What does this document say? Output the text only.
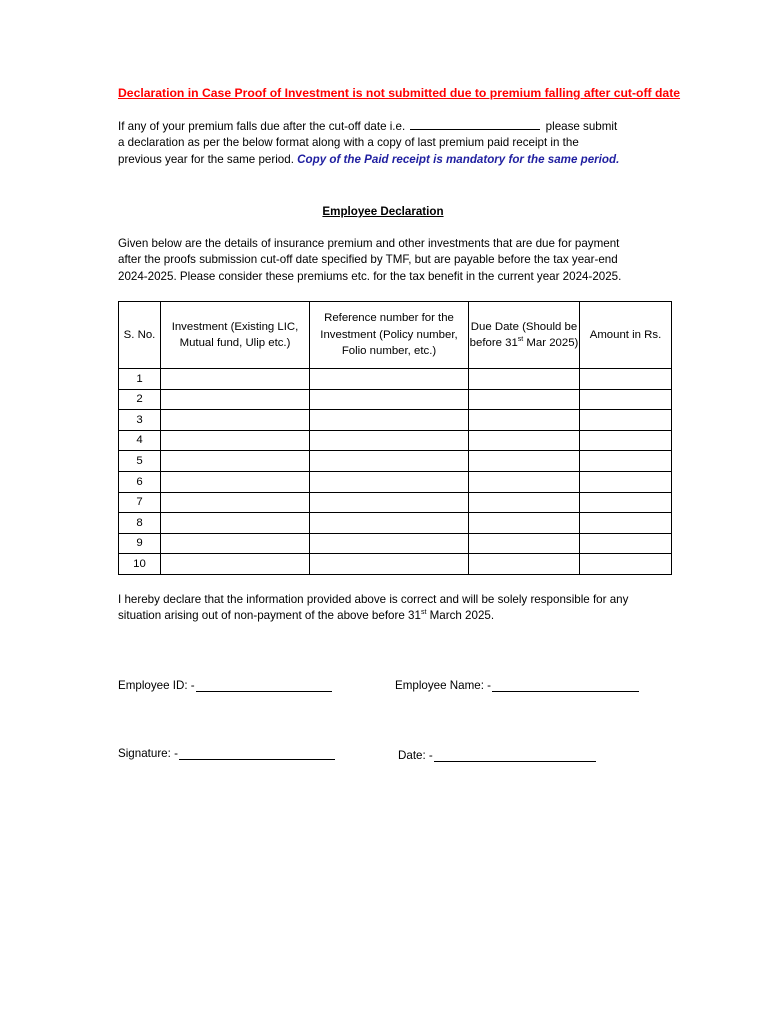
Declaration in Case Proof of Investment is not submitted due to premium falling after cut-off date
If any of your premium falls due after the cut-off date i.e.	please submit a declaration as per the below format along with a copy of last premium paid receipt in the previous year for the same period. Copy of the Paid receipt is mandatory for the same period.
Employee Declaration
Given below are the details of insurance premium and other investments that are due for payment after the proofs submission cut-off date specified by TMF, but are payable before the tax year-end 2024-2025. Please consider these premiums etc. for the tax benefit in the current year 2024-2025.
S. No.	Investment (Existing LIC, Mutual fund, Ulip etc.)	Reference number for the Investment (Policy number, Folio number, etc.)	Due Date (Should be before 31st Mar 2025)	Amount in Rs.
1				
2				
3				
4				
5				
6				
7				
8				
9				
10				
I hereby declare that the information provided above is correct and will be solely responsible for any situation arising out of non-payment of the above before 31st March 2025.
Employee ID: -	Employee Name: -
Signature: -	Date: -
